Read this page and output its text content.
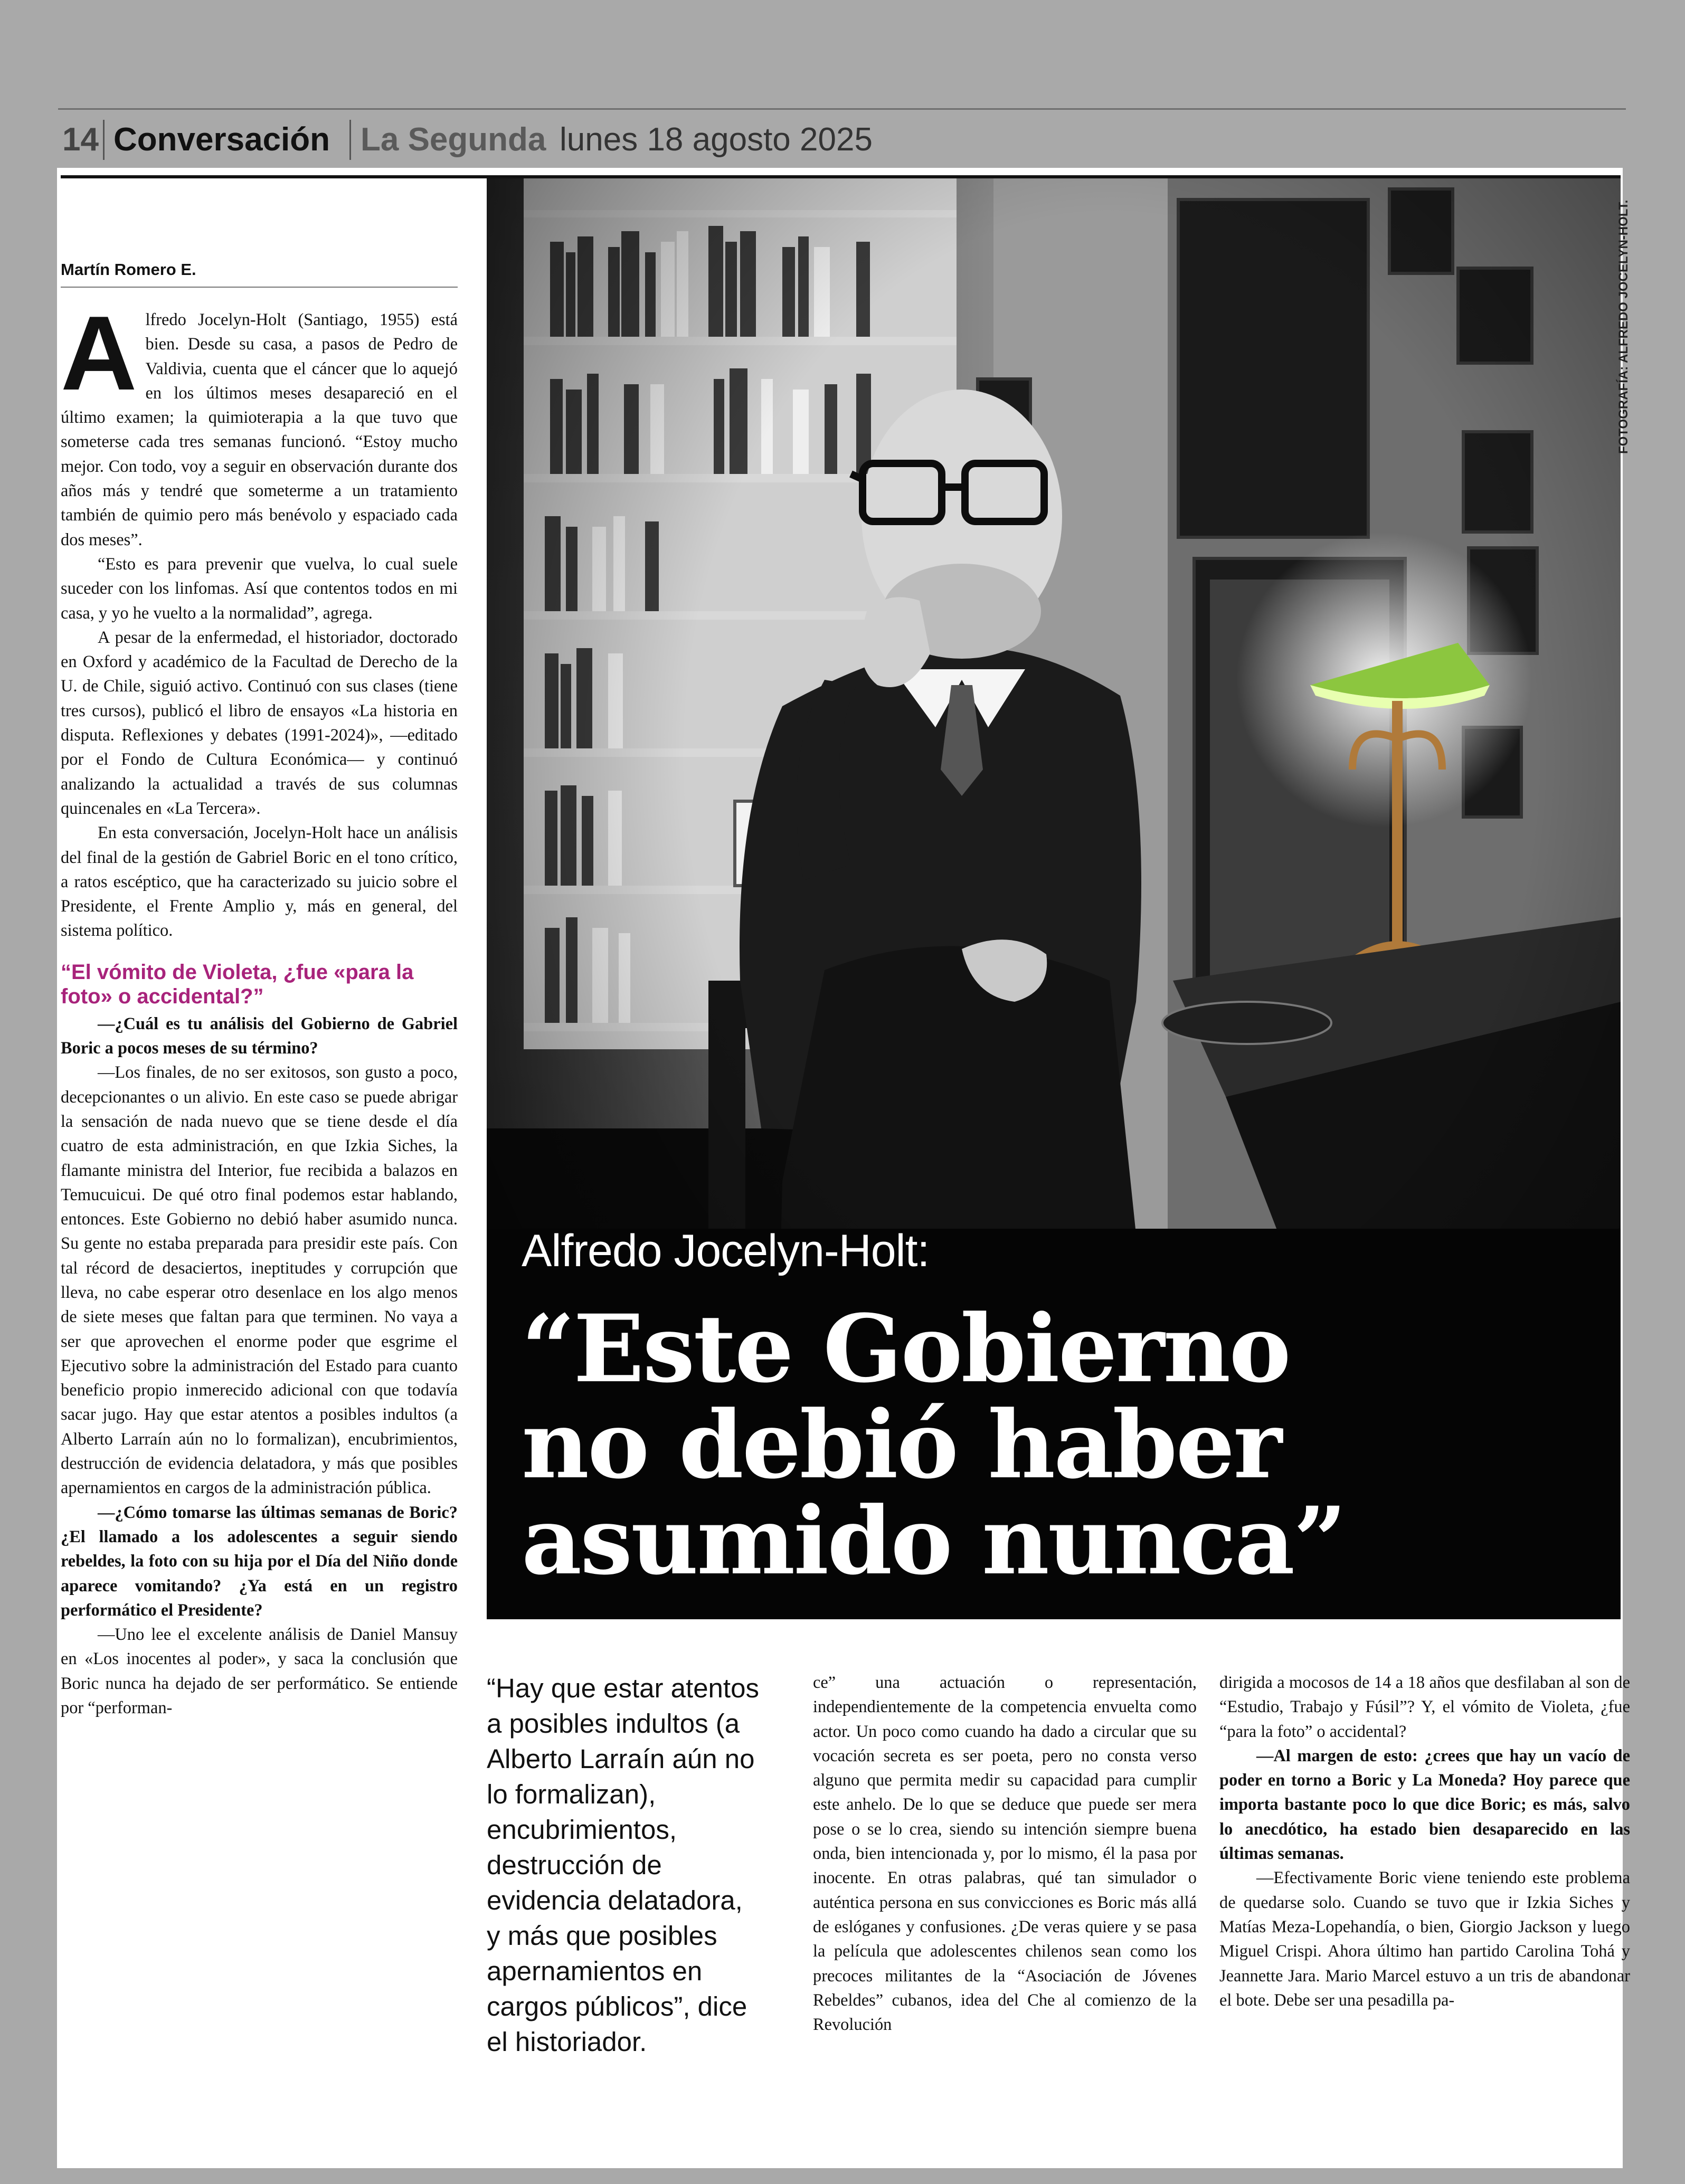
14 Conversación La Segunda lunes 18 agosto 2025
Martín Romero E.

Alfredo Jocelyn-Holt (Santiago, 1955) está bien. Desde su casa, a pasos de Pedro de Valdivia, cuenta que el cáncer que lo aquejó en los últimos meses desapareció en el último examen; la quimioterapia a la que tuvo que someterse cada tres semanas funcionó. “Estoy mucho mejor. Con todo, voy a seguir en observación durante dos años más y tendré que someterme a un tratamiento también de quimio pero más benévolo y espaciado cada dos meses”.

“Esto es para prevenir que vuelva, lo cual suele suceder con los linfomas. Así que contentos todos en mi casa, y yo he vuelto a la normalidad”, agrega.

A pesar de la enfermedad, el historiador, doctorado en Oxford y académico de la Facultad de Derecho de la U. de Chile, siguió activo. Continuó con sus clases (tiene tres cursos), publicó el libro de ensayos «La historia en disputa. Reflexiones y debates (1991-2024)», —editado por el Fondo de Cultura Económica— y continuó analizando la actualidad a través de sus columnas quincenales en «La Tercera».

En esta conversación, Jocelyn-Holt hace un análisis del final de la gestión de Gabriel Boric en el tono crítico, a ratos escéptico, que ha caracterizado su juicio sobre el Presidente, el Frente Amplio y, más en general, del sistema político.

“El vómito de Violeta, ¿fue «para la foto» o accidental?”

—¿Cuál es tu análisis del Gobierno de Gabriel Boric a pocos meses de su término?

—Los finales, de no ser exitosos, son gusto a poco, decepcionantes o un alivio. En este caso se puede abrigar la sensación de nada nuevo que se tiene desde el día cuatro de esta administración, en que Izkia Siches, la flamante ministra del Interior, fue recibida a balazos en Temucuicui. De qué otro final podemos estar hablando, entonces. Este Gobierno no debió haber asumido nunca. Su gente no estaba preparada para presidir este país. Con tal récord de desaciertos, ineptitudes y corrupción que lleva, no cabe esperar otro desenlace en los algo menos de siete meses que faltan para que terminen. No vaya a ser que aprovechen el enorme poder que esgrime el Ejecutivo sobre la administración del Estado para cuanto beneficio propio inmerecido adicional con que todavía sacar jugo. Hay que estar atentos a posibles indultos (a Alberto Larraín aún no lo formalizan), encubrimientos, destrucción de evidencia delatadora, y más que posibles apernamientos en cargos de la administración pública.

—¿Cómo tomarse las últimas semanas de Boric? ¿El llamado a los adolescentes a seguir siendo rebeldes, la foto con su hija por el Día del Niño donde aparece vomitando? ¿Ya está en un registro performático el Presidente?

—Uno lee el excelente análisis de Daniel Mansuy en «Los inocentes al poder», y saca la conclusión que Boric nunca ha dejado de ser performático. Se entiende por “performan-

FOTOGRAFÍA: ALFREDO JOCELYN-HOLT.
Alfredo Jocelyn-Holt:
“Este Gobierno
no debió haber
asumido nunca”
“Hay que estar atentos a posibles indultos (a Alberto Larraín aún no lo formalizan), encubrimientos, destrucción de evidencia delatadora, y más que posibles apernamientos en cargos públicos”, dice el historiador.

ce” una actuación o representación, independientemente de la competencia envuelta como actor. Un poco como cuando ha dado a circular que su vocación secreta es ser poeta, pero no consta verso alguno que permita medir su capacidad para cumplir este anhelo. De lo que se deduce que puede ser mera pose o se lo crea, siendo su intención siempre buena onda, bien intencionada y, por lo mismo, él la pasa por inocente. En otras palabras, qué tan simulador o auténtica persona en sus convicciones es Boric más allá de eslóganes y confusiones. ¿De veras quiere y se pasa la película que adolescentes chilenos sean como los precoces militantes de la “Asociación de Jóvenes Rebeldes” cubanos, idea del Che al comienzo de la Revolución

dirigida a mocosos de 14 a 18 años que desfilaban al son de “Estudio, Trabajo y Fúsil”? Y, el vómito de Violeta, ¿fue “para la foto” o accidental?

—Al margen de esto: ¿crees que hay un vacío de poder en torno a Boric y La Moneda? Hoy parece que importa bastante poco lo que dice Boric; es más, salvo lo anecdótico, ha estado bien desaparecido en las últimas semanas.

—Efectivamente Boric viene teniendo este problema de quedarse solo. Cuando se tuvo que ir Izkia Siches y Matías Meza-Lopehandía, o bien, Giorgio Jackson y luego Miguel Crispi. Ahora último han partido Carolina Tohá y Jeannette Jara. Mario Marcel estuvo a un tris de abandonar el bote. Debe ser una pesadilla pa-
